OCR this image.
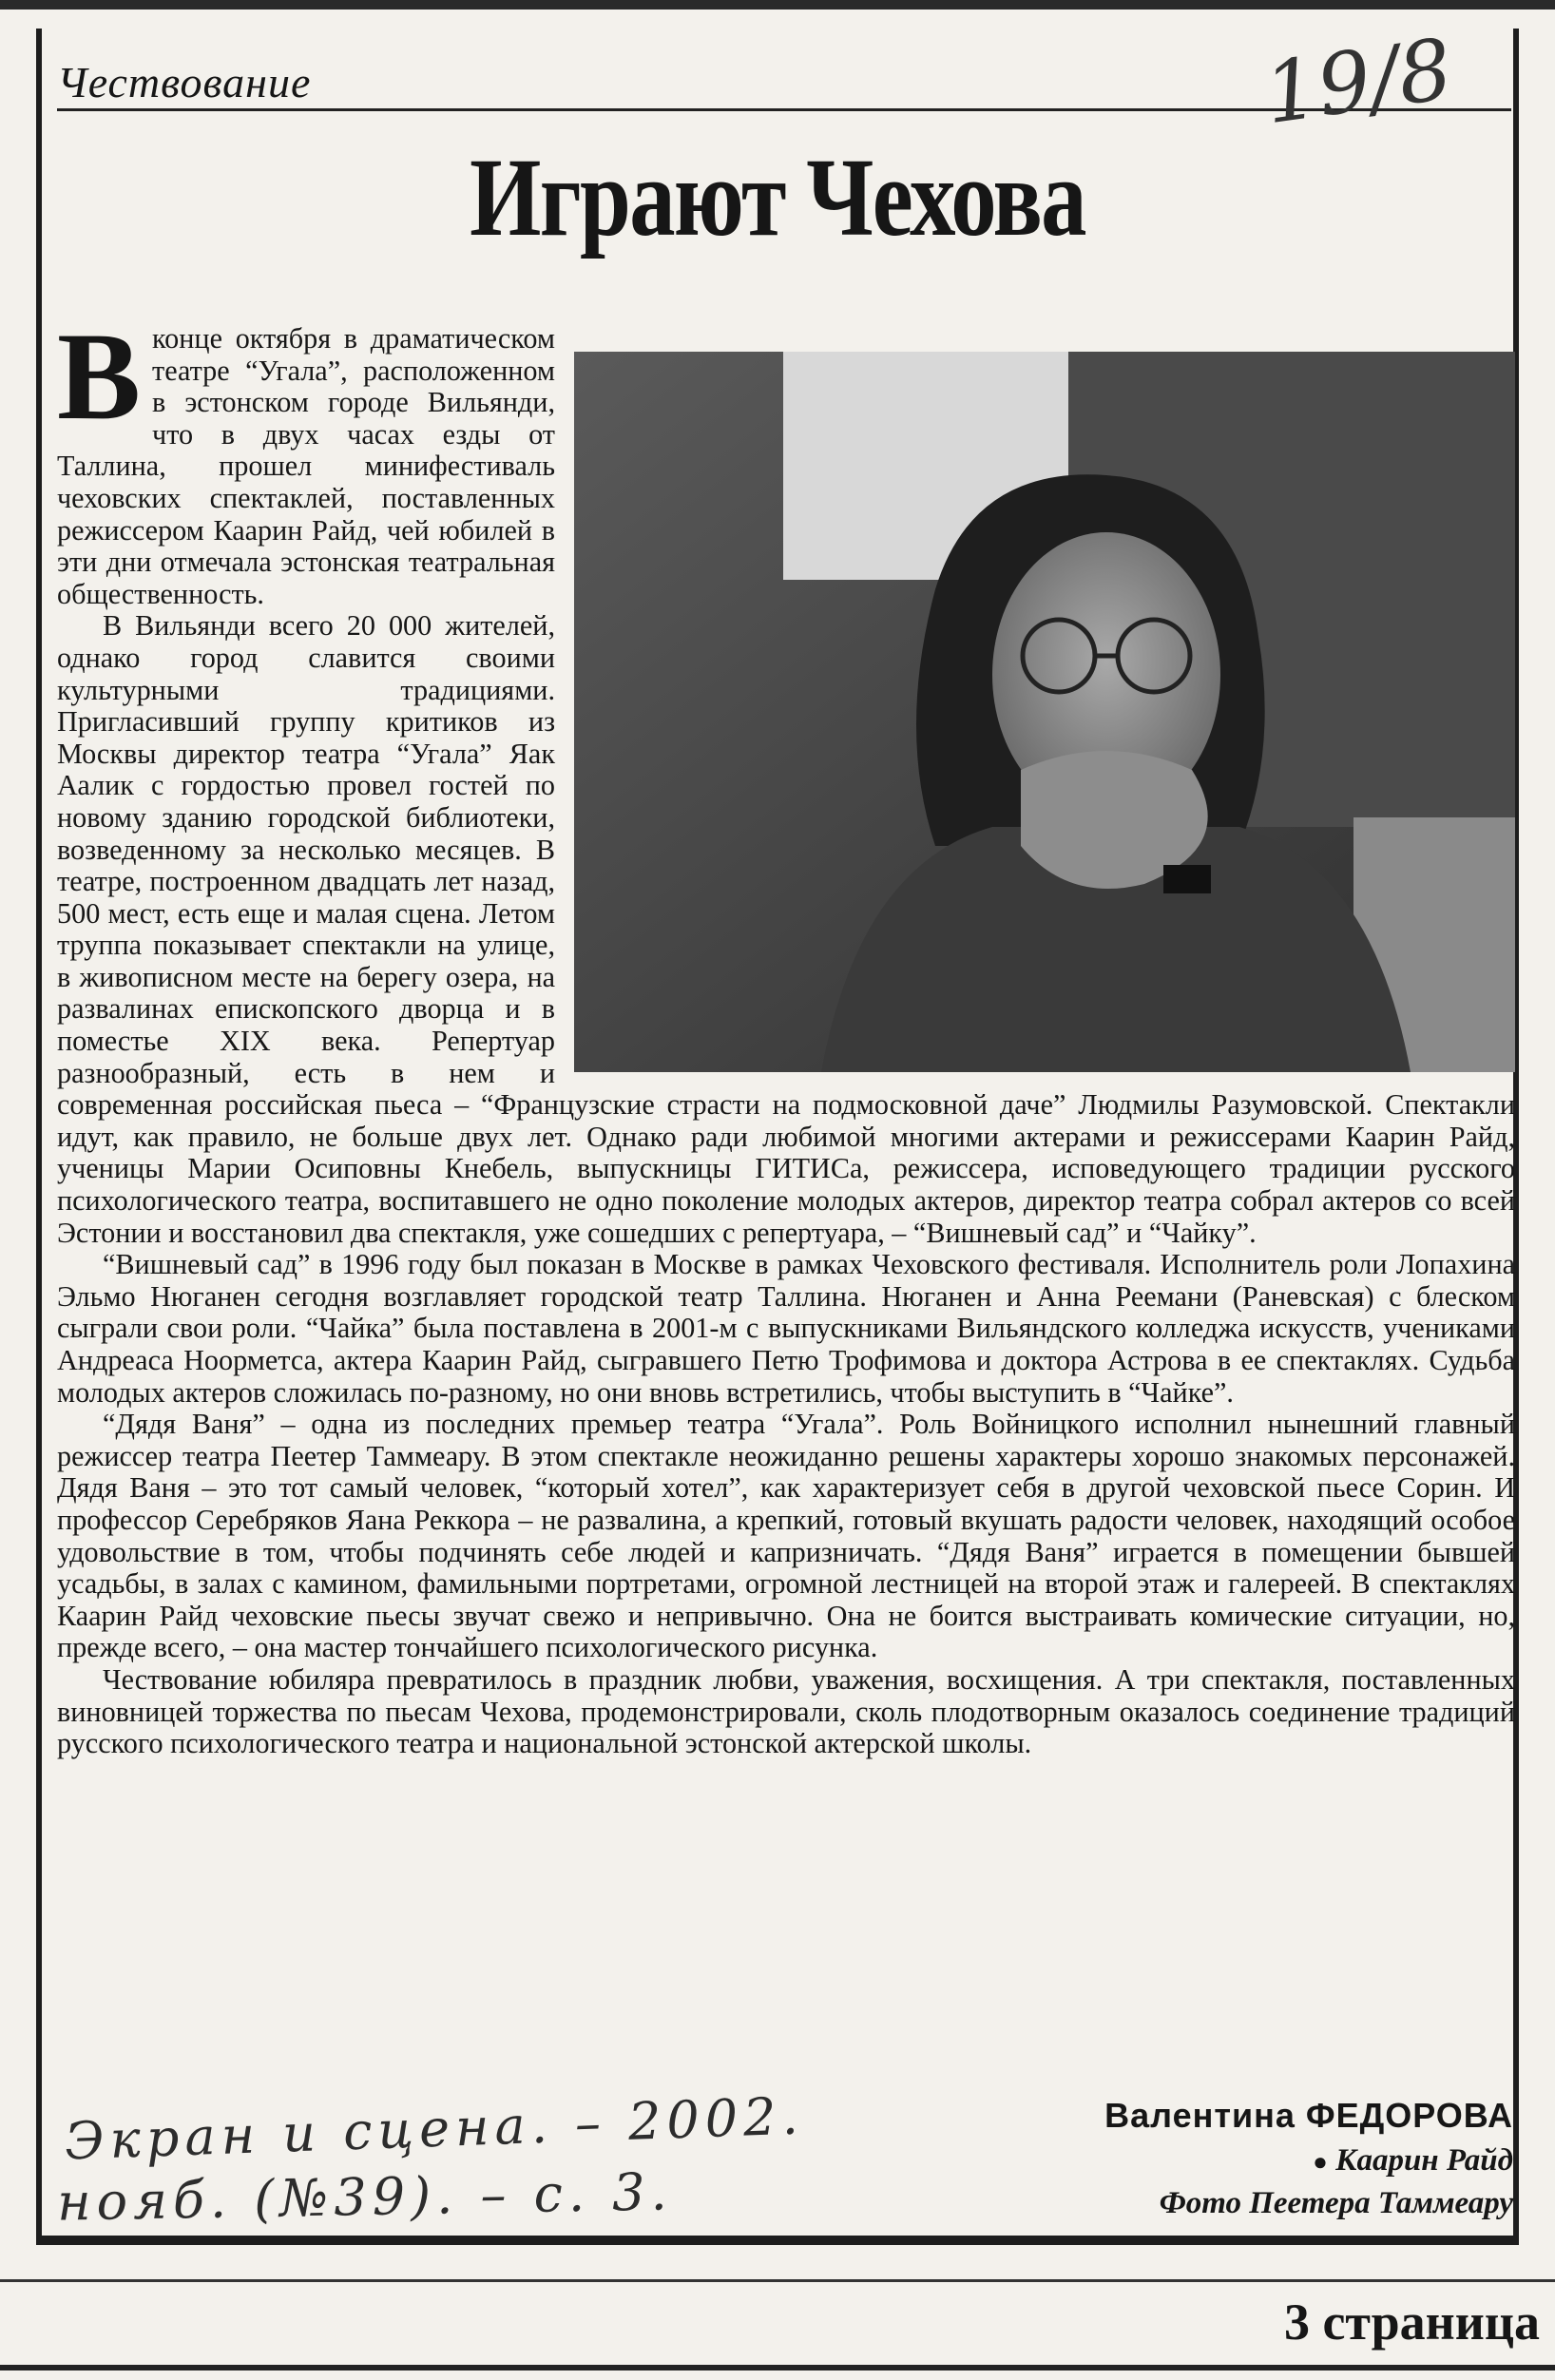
Чествование	19/8
Играют Чехова

Вконце октября в драматическом театре “Угала”, расположенном в эстонском городе Вильянди, что в двух часах езды от Таллина, прошел минифестиваль чеховских спектаклей, поставленных режиссером Каарин Райд, чей юбилей в эти дни отмечала эстонская театральная общественность.

В Вильянди всего 20 000 жителей, однако город славится своими культурными традициями. Пригласивший группу критиков из Москвы директор театра “Угала” Яак Аалик с гордостью провел гостей по новому зданию городской библиотеки, возведенному за несколько месяцев. В театре, построенном двадцать лет назад, 500 мест, есть еще и малая сцена. Летом труппа показывает спектакли на улице, в живописном месте на берегу озера, на развалинах епископского дворца и в поместье XIX века. Репертуар разнообразный, есть в нем и современная российская пьеса – “Французские страсти на подмосковной даче” Людмилы Разумовской. Спектакли идут, как правило, не больше двух лет. Однако ради любимой многими актерами и режиссерами Каарин Райд, ученицы Марии Осиповны Кнебель, выпускницы ГИТИСа, режиссера, исповедующего традиции русского психологического театра, воспитавшего не одно поколение молодых актеров, директор театра собрал актеров со всей Эстонии и восстановил два спектакля, уже сошедших с репертуара, – “Вишневый сад” и “Чайку”.

“Вишневый сад” в 1996 году был показан в Москве в рамках Чеховского фестиваля. Исполнитель роли Лопахина Эльмо Нюганен сегодня возглавляет городской театр Таллина. Нюганен и Анна Реемани (Раневская) с блеском сыграли свои роли. “Чайка” была поставлена в 2001-м с выпускниками Вильяндского колледжа искусств, учениками Андреаса Ноорметса, актера Каарин Райд, сыгравшего Петю Трофимова и доктора Астрова в ее спектаклях. Судьба молодых актеров сложилась по-разному, но они вновь встретились, чтобы выступить в “Чайке”.

“Дядя Ваня” – одна из последних премьер театра “Угала”. Роль Войницкого исполнил нынешний главный режиссер театра Пеетер Таммеару. В этом спектакле неожиданно решены характеры хорошо знакомых персонажей. Дядя Ваня – это тот самый человек, “который хотел”, как характеризует себя в другой чеховской пьесе Сорин. И профессор Серебряков Яана Реккора – не развалина, а крепкий, готовый вкушать радости человек, находящий особое удовольствие в том, чтобы подчинять себе людей и капризничать. “Дядя Ваня” играется в помещении бывшей усадьбы, в залах с камином, фамильными портретами, огромной лестницей на второй этаж и галереей. В спектаклях Каарин Райд чеховские пьесы звучат свежо и непривычно. Она не боится выстраивать комические ситуации, но, прежде всего, – она мастер тончайшего психологического рисунка.

Чествование юбиляра превратилось в праздник любви, уважения, восхищения. А три спектакля, поставленных виновницей торжества по пьесам Чехова, продемонстрировали, сколь плодотворным оказалось соединение традиций русского психологического театра и национальной эстонской актерской школы.

Экран и сцена. – 2002.
нояб. (№39). – с. 3.
Валентина ФЕДОРОВА
● Каарин Райд
Фото Пеетера Таммеару
3 страница
